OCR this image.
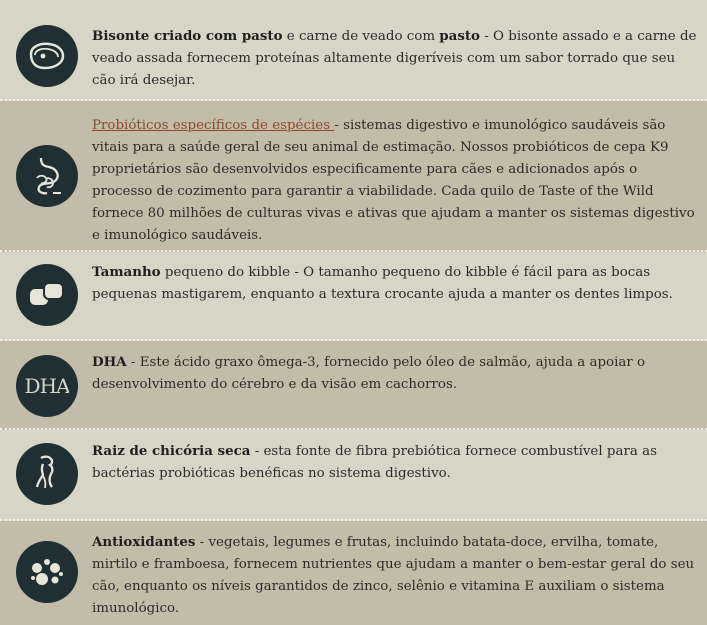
Bisonte criado com pasto e carne de veado com pasto - O bisonte assado e a carne de veado assada fornecem proteínas altamente digeríveis com um sabor torrado que seu cão irá desejar.

Probióticos específicos de espécies - sistemas digestivo e imunológico saudáveis são vitais para a saúde geral de seu animal de estimação. Nossos probióticos de cepa K9 proprietários são desenvolvidos especificamente para cães e adicionados após o processo de cozimento para garantir a viabilidade. Cada quilo de Taste of the Wild fornece 80 milhões de culturas vivas e ativas que ajudam a manter os sistemas digestivo e imunológico saudáveis.

Tamanho pequeno do kibble - O tamanho pequeno do kibble é fácil para as bocas pequenas mastigarem, enquanto a textura crocante ajuda a manter os dentes limpos.

DHA

DHA - Este ácido graxo ômega-3, fornecido pelo óleo de salmão, ajuda a apoiar o desenvolvimento do cérebro e da visão em cachorros.

Raiz de chicória seca - esta fonte de fibra prebiótica fornece combustível para as bactérias probióticas benéficas no sistema digestivo.

Antioxidantes - vegetais, legumes e frutas, incluindo batata-doce, ervilha, tomate, mirtilo e framboesa, fornecem nutrientes que ajudam a manter o bem-estar geral do seu cão, enquanto os níveis garantidos de zinco, selênio e vitamina E auxiliam o sistema imunológico.
